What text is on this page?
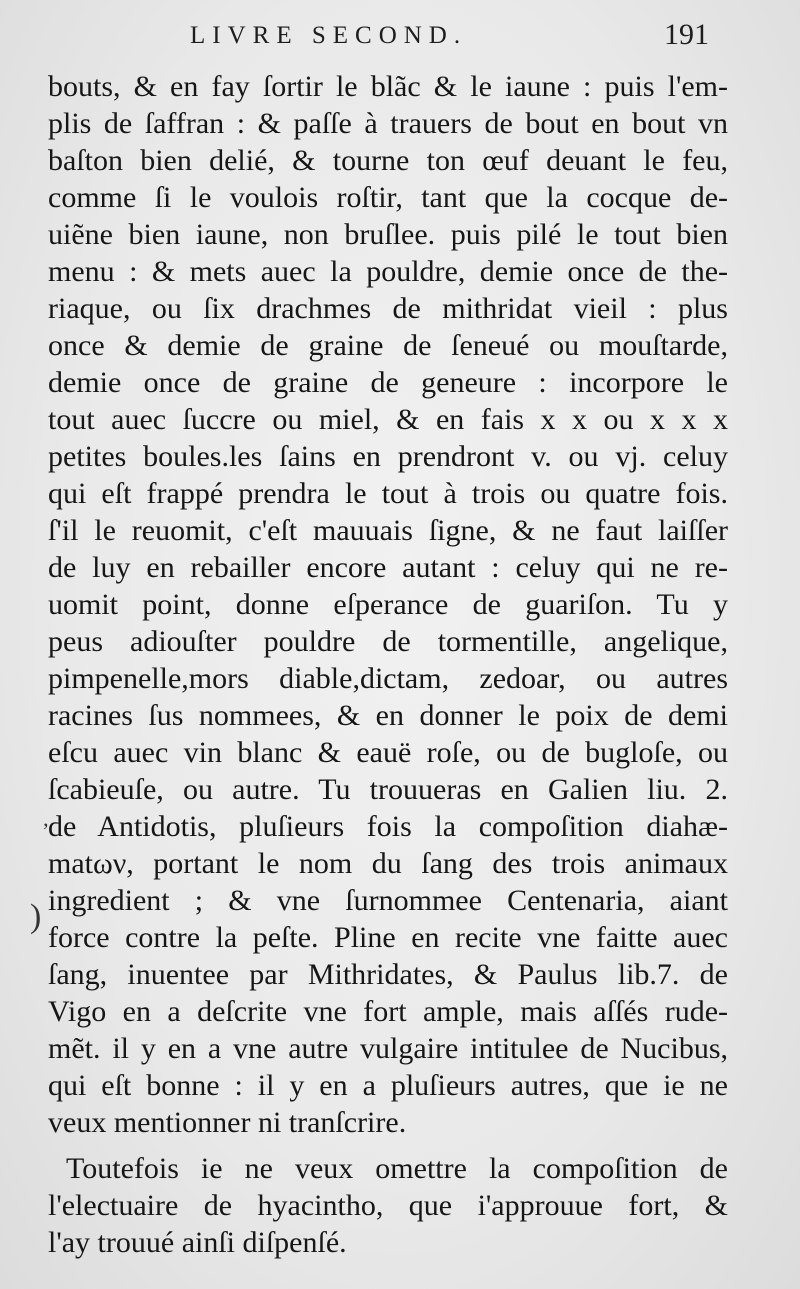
LIVRE SECOND.	191
’
)
bouts, & en fay ſortir le blãc & le iaune : puis l'em-
plis de ſaffran : & paſſe à trauers de bout en bout vn
baſton bien delié, & tourne ton œuf deuant le feu,
comme ſi le voulois roſtir, tant que la cocque de-
uiẽne bien iaune, non bruſlee. puis pilé le tout bien
menu : & mets auec la pouldre, demie once de the-
riaque, ou ſix drachmes de mithridat vieil : plus
once & demie de graine de ſeneué ou mouſtarde,
demie once de graine de geneure : incorpore le
tout auec ſuccre ou miel, & en fais x x ou x x x
petites boules.les ſains en prendront v. ou vj. celuy
qui eſt frappé prendra le tout à trois ou quatre fois.
ſ'il le reuomit, c'eſt mauuais ſigne, & ne faut laiſſer
de luy en rebailler encore autant : celuy qui ne re-
uomit point, donne eſperance de guariſon. Tu y
peus adiouſter pouldre de tormentille, angelique,
pimpenelle,mors diable,dictam, zedoar, ou autres
racines ſus nommees, & en donner le poix de demi
eſcu auec vin blanc & eauë roſe, ou de bugloſe, ou
ſcabieuſe, ou autre. Tu trouueras en Galien liu. 2.
de Antidotis, pluſieurs fois la compoſition diahæ-
matων, portant le nom du ſang des trois animaux
ingredient ; & vne ſurnommee Centenaria, aiant
force contre la peſte. Pline en recite vne faitte auec
ſang, inuentee par Mithridates, & Paulus lib.7. de
Vigo en a deſcrite vne fort ample, mais aſſés rude-
mẽt. il y en a vne autre vulgaire intitulee de Nucibus,
qui eſt bonne : il y en a pluſieurs autres, que ie ne
veux mentionner ni tranſcrire.
Toutefois ie ne veux omettre la compoſition de
l'electuaire de hyacintho, que i'approuue fort, &
l'ay trouué ainſi diſpenſé.
